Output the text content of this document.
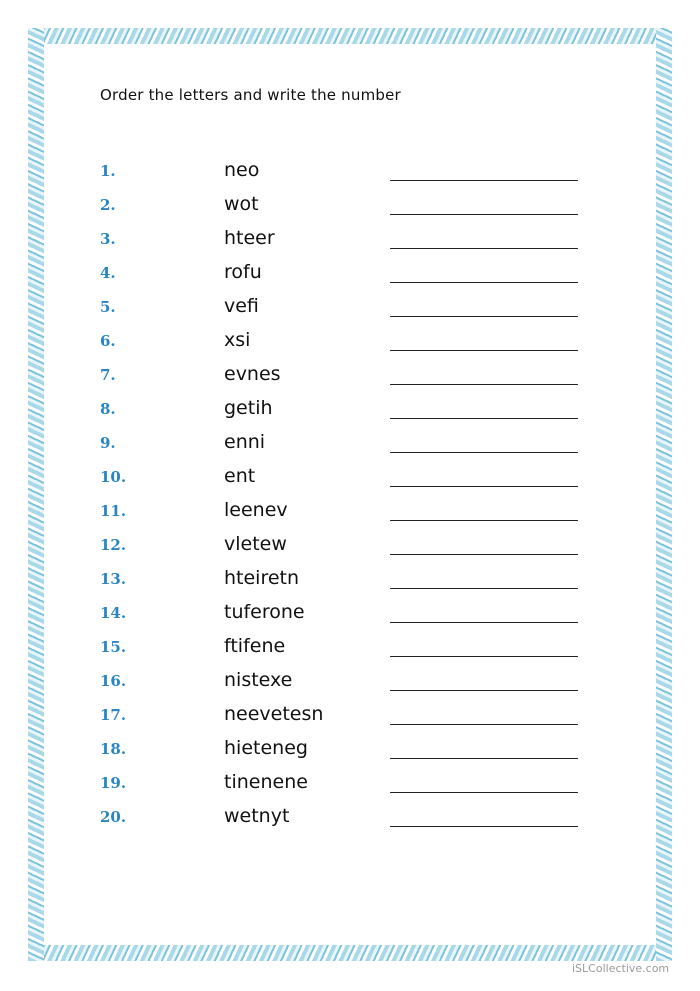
Order the letters and write the number
1.	neo
2.	wot
3.	hteer
4.	rofu
5.	vefi
6.	xsi
7.	evnes
8.	getih
9.	enni
10.	ent
11.	leenev
12.	vletew
13.	hteiretn
14.	tuferone
15.	ftifene
16.	nistexe
17.	neevetesn
18.	hieteneg
19.	tinenene
20.	wetnyt
iSLCollective.com
